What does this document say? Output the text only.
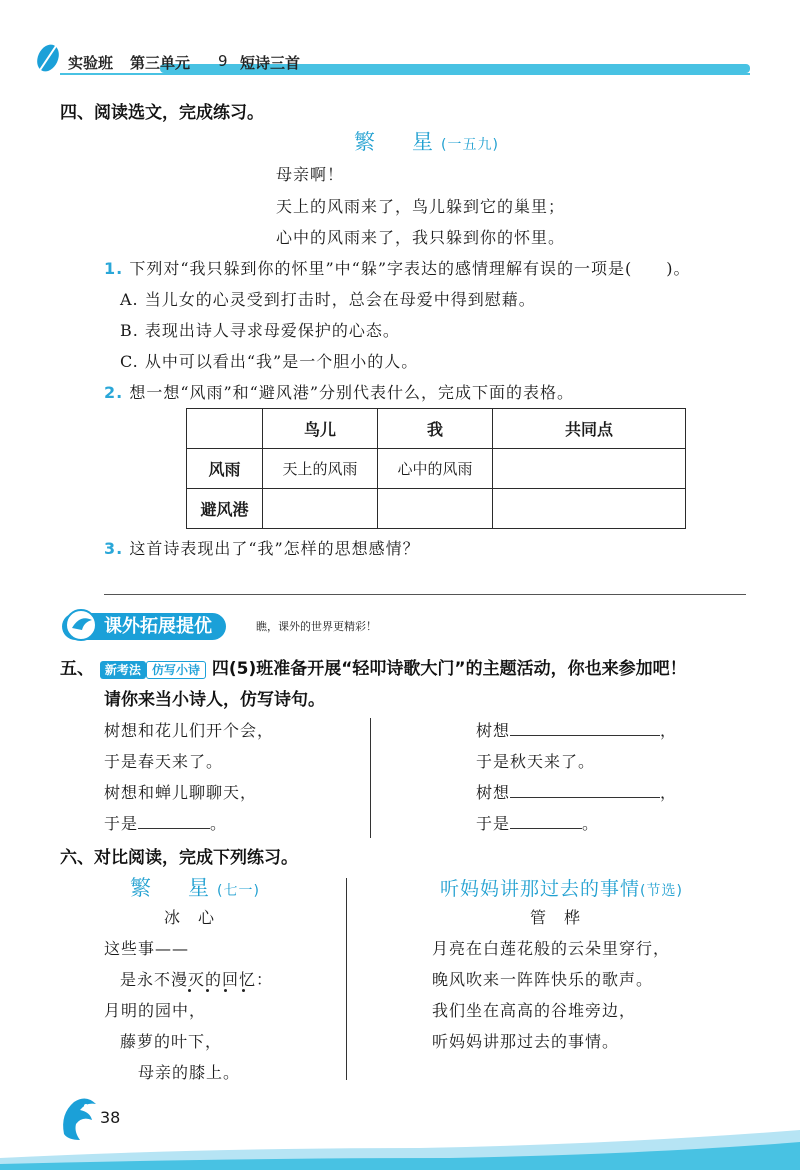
实验班 第三单元 9 短诗三首
四、阅读选文，完成练习。
繁　星(一五九)
母亲啊！
天上的风雨来了，鸟儿躲到它的巢里；
心中的风雨来了，我只躲到你的怀里。
1. 下列对“我只躲到你的怀里”中“躲”字表达的感情理解有误的一项是(　　)。
A. 当儿女的心灵受到打击时，总会在母爱中得到慰藉。
B. 表现出诗人寻求母爱保护的心态。
C. 从中可以看出“我”是一个胆小的人。
2. 想一想“风雨”和“避风港”分别代表什么，完成下面的表格。
	鸟儿	我	共同点
风雨	天上的风雨	心中的风雨	
避风港			
3. 这首诗表现出了“我”怎样的思想感情？
课外拓展提优	瞧，课外的世界更精彩！
五、 新考法 仿写小诗 四(5)班准备开展“轻叩诗歌大门”的主题活动，你也来参加吧！
请你来当小诗人，仿写诗句。
树想和花儿们开个会，
于是春天来了。
树想和蝉儿聊聊天，
于是	。
树想	，
于是秋天来了。
树想	，
于是	。
六、对比阅读，完成下列练习。
繁　星(七一)
冰　心
这些事——
是永不漫灭的回忆：
月明的园中，
藤萝的叶下，
母亲的膝上。
听妈妈讲那过去的事情(节选)
管　桦
月亮在白莲花般的云朵里穿行，
晚风吹来一阵阵快乐的歌声。
我们坐在高高的谷堆旁边，
听妈妈讲那过去的事情。
38
